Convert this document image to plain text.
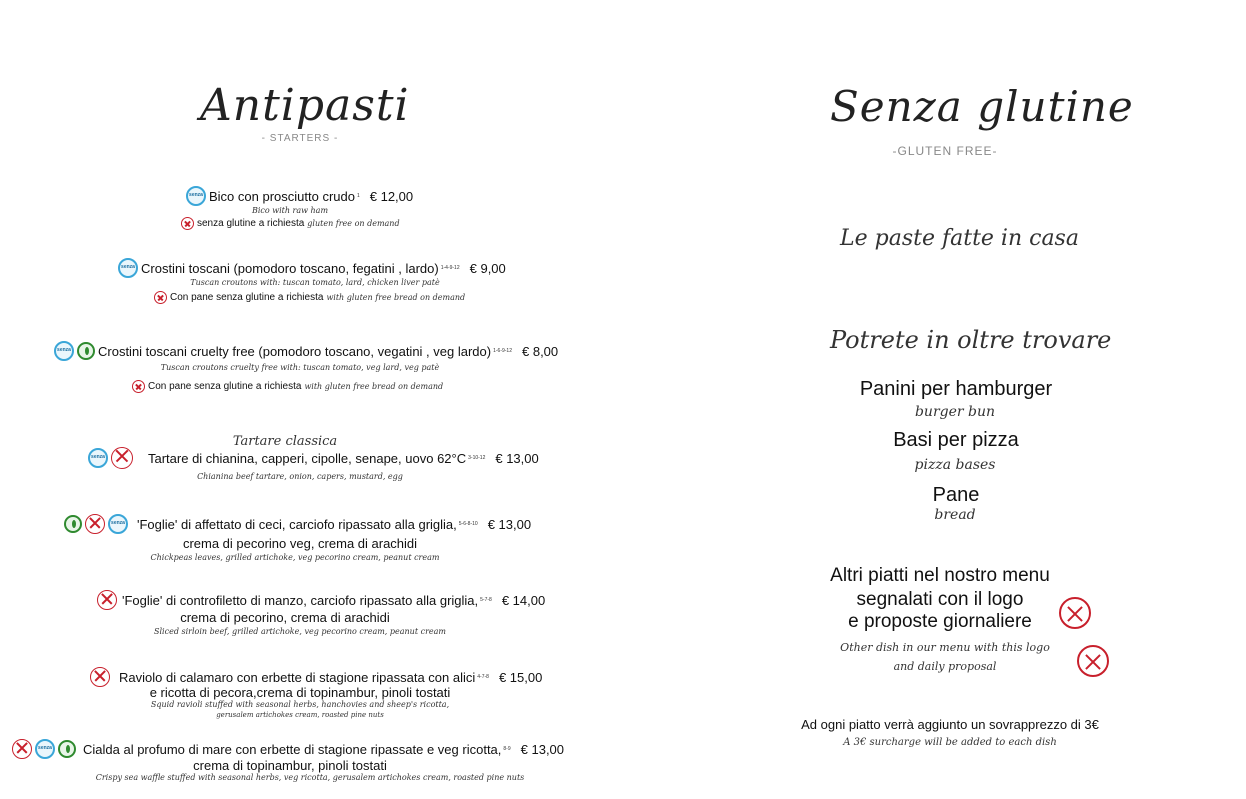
Antipasti
- STARTERS -
senza
Bico con prosciutto crudo 1 € 12,00
Bico with raw ham
senza glutine a richiesta gluten free on demand
senza
Crostini toscani (pomodoro toscano, fegatini , lardo) 1-4-9-12 € 9,00
Tuscan croutons with: tuscan tomato, lard, chicken liver patè
Con pane senza glutine a richiesta with gluten free bread on demand
senza
Crostini toscani cruelty free (pomodoro toscano, vegatini , veg lardo) 1-6-9-12 € 8,00
Tuscan croutons cruelty free with: tuscan tomato, veg lard, veg patè
Con pane senza glutine a richiesta with gluten free bread on demand
Tartare classica
senza
Tartare di chianina, capperi, cipolle, senape, uovo 62°C 3-10-12 € 13,00
Chianina beef tartare, onion, capers, mustard, egg
senza
'Foglie' di affettato di ceci, carciofo ripassato alla griglia, 5-6-8-10 € 13,00
crema di pecorino veg, crema di arachidi
Chickpeas leaves, grilled artichoke, veg pecorino cream, peanut cream
'Foglie' di controfiletto di manzo, carciofo ripassato alla griglia, 5-7-8 € 14,00
crema di pecorino, crema di arachidi
Sliced sirloin beef, grilled artichoke, veg pecorino cream, peanut cream
Raviolo di calamaro con erbette di stagione ripassata con alici 4-7-8 € 15,00
e ricotta di pecora,crema di topinambur, pinoli tostati
Squid ravioli stuffed with seasonal herbs, hanchovies and sheep's ricotta,
gerusalem artichokes cream, roasted pine nuts
senza
Cialda al profumo di mare con erbette di stagione ripassate e veg ricotta, 8-9 € 13,00
crema di topinambur, pinoli tostati
Crispy sea waffle stuffed with seasonal herbs, veg ricotta, gerusalem artichokes cream, roasted pine nuts
Senza glutine
-GLUTEN FREE-
Le paste fatte in casa
Potrete in oltre trovare
Panini per hamburger
burger bun
Basi per pizza
pizza bases
Pane
bread
Altri piatti nel nostro menu
segnalati con il logo
e proposte giornaliere

Other dish in our menu with this logo
and daily proposal
Ad ogni piatto verrà aggiunto un sovrapprezzo di 3€
A 3€ surcharge will be added to each dish
